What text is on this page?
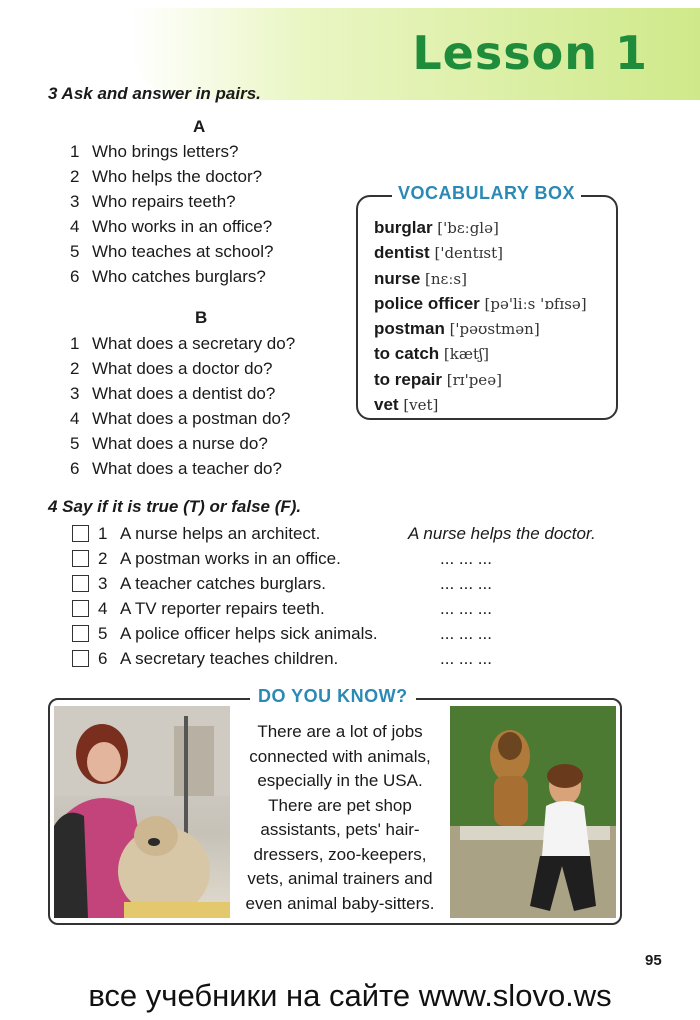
Lesson 1
3 Ask and answer in pairs.
A
1 Who brings letters?
2 Who helps the doctor?
3 Who repairs teeth?
4 Who works in an office?
5 Who teaches at school?
6 Who catches burglars?
B
1 What does a secretary do?
2 What does a doctor do?
3 What does a dentist do?
4 What does a postman do?
5 What does a nurse do?
6 What does a teacher do?
VOCABULARY BOX
burglar ['bɛːglə]
dentist ['dentɪst]
nurse [nɛːs]
police officer [pə'liːs 'ɒfɪsə]
postman ['pəʊstmən]
to catch [kætʃ]
to repair [rɪ'peə]
vet [vet]
4 Say if it is true (T) or false (F).
1 A nurse helps an architect.	A nurse helps the doctor.
2 A postman works in an office.	... ... ...
3 A teacher catches burglars.	... ... ...
4 A TV reporter repairs teeth.	... ... ...
5 A police officer helps sick animals.	... ... ...
6 A secretary teaches children.	... ... ...
DO YOU KNOW?
There are a lot of jobs
connected with animals,
especially in the USA.
There are pet shop
assistants, pets' hair-
dressers, zoo-keepers,
vets, animal trainers and
even animal baby-sitters.
95
все учебники на сайте www.slovo.ws
